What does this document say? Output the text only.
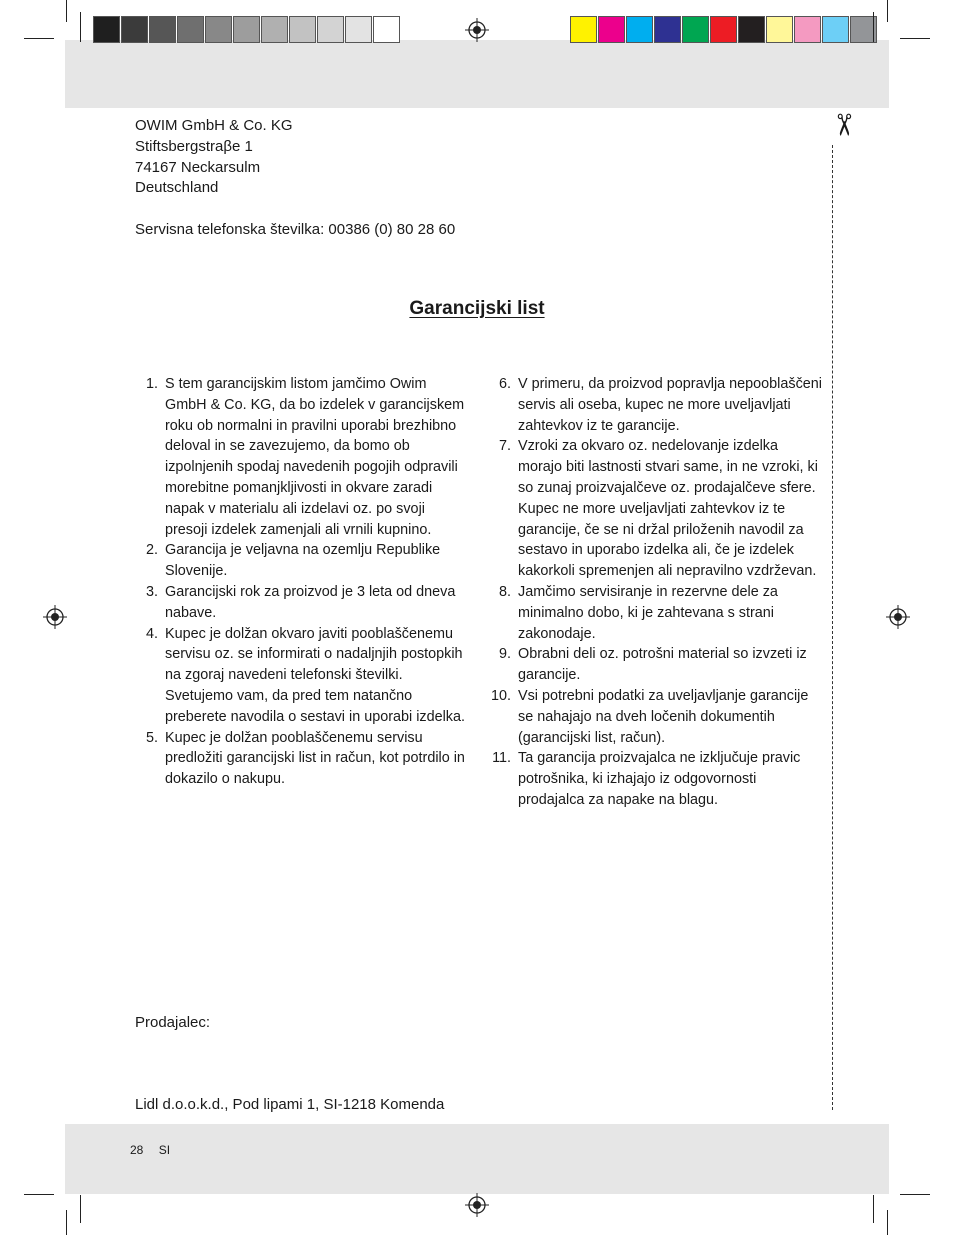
✂
OWIM GmbH & Co. KG
Stiftsbergstraβe 1
74167 Neckarsulm
Deutschland
Servisna telefonska številka: 00386 (0) 80 28 60
Garancijski list
1. S tem garancijskim listom jamčimo Owim GmbH & Co. KG, da bo izdelek v garancijskem roku ob normalni in pravilni uporabi brezhibno deloval in se zavezujemo, da bomo ob izpolnjenih spodaj navedenih pogojih odpravili morebitne pomanjkljivosti in okvare zaradi napak v materialu ali izdelavi oz. po svoji presoji izdelek zamenjali ali vrnili kupnino.
2. Garancija je veljavna na ozemlju Republike Slovenije.
3. Garancijski rok za proizvod je 3 leta od dneva nabave.
4. Kupec je dolžan okvaro javiti pooblaščenemu servisu oz. se informirati o nadaljnjih postopkih na zgoraj navedeni telefonski številki. Svetujemo vam, da pred tem natančno preberete navodila o sestavi in uporabi izdelka.
5. Kupec je dolžan pooblaščenemu servisu predložiti garancijski list in račun, kot potrdilo in dokazilo o nakupu.
6. V primeru, da proizvod popravlja nepooblaščeni servis ali oseba, kupec ne more uveljavljati zahtevkov iz te garancije.
7. Vzroki za okvaro oz. nedelovanje izdelka morajo biti lastnosti stvari same, in ne vzroki, ki so zunaj proizvajalčeve oz. prodajalčeve sfere. Kupec ne more uveljavljati zahtevkov iz te garancije, če se ni držal priloženih navodil za sestavo in uporabo izdelka ali, če je izdelek kakorkoli spremenjen ali nepravilno vzdrževan.
8. Jamčimo servisiranje in rezervne dele za minimalno dobo, ki je zahtevana s strani zakonodaje.
9. Obrabni deli oz. potrošni material so izvzeti iz garancije.
10. Vsi potrebni podatki za uveljavljanje garancije se nahajajo na dveh ločenih dokumentih (garancijski list, račun).
11. Ta garancija proizvajalca ne izključuje pravic potrošnika, ki izhajajo iz odgovornosti prodajalca za napake na blagu.
Prodajalec:
Lidl d.o.o.k.d., Pod lipami 1, SI-1218 Komenda
28 SI
